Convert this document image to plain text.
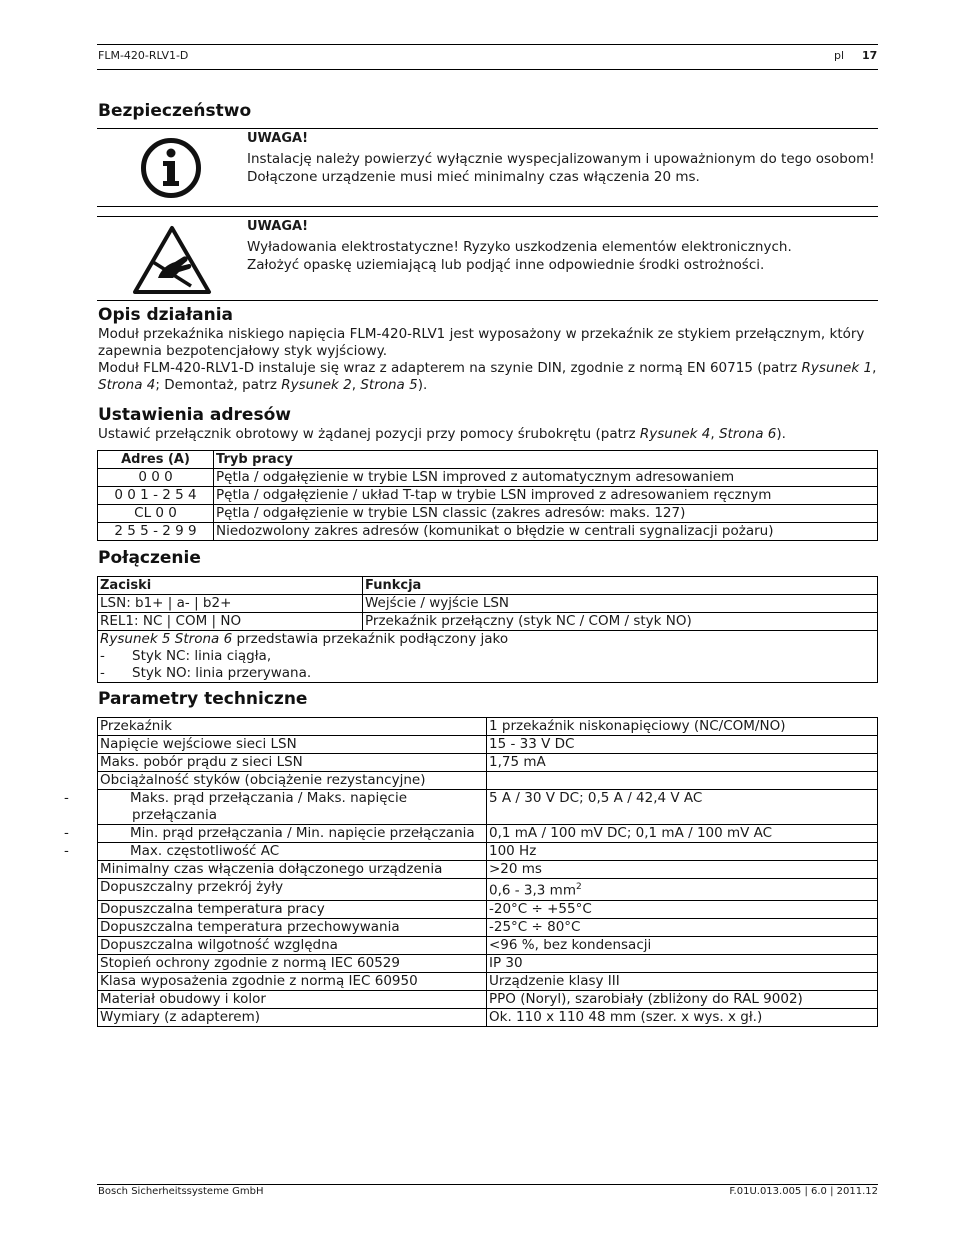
FLM-420-RLV1-D	pl 17
Bezpieczeństwo
UWAGA!
Instalację należy powierzyć wyłącznie wyspecjalizowanym i upoważnionym do tego osobom!
Dołączone urządzenie musi mieć minimalny czas włączenia 20 ms.
UWAGA!
Wyładowania elektrostatyczne! Ryzyko uszkodzenia elementów elektronicznych.
Założyć opaskę uziemiającą lub podjąć inne odpowiednie środki ostrożności.
Opis działania
Moduł przekaźnika niskiego napięcia FLM-420-RLV1 jest wyposażony w przekaźnik ze stykiem przełącznym, który zapewnia bezpotencjałowy styk wyjściowy.
Moduł FLM-420-RLV1-D instaluje się wraz z adapterem na szynie DIN, zgodnie z normą EN 60715 (patrz Rysunek 1, Strona 4; Demontaż, patrz Rysunek 2, Strona 5).
Ustawienia adresów
Ustawić przełącznik obrotowy w żądanej pozycji przy pomocy śrubokrętu (patrz Rysunek 4, Strona 6).
Adres (A)	Tryb pracy
0 0 0	Pętla / odgałęzienie w trybie LSN improved z automatycznym adresowaniem
0 0 1 - 2 5 4	Pętla / odgałęzienie / układ T-tap w trybie LSN improved z adresowaniem ręcznym
CL 0 0	Pętla / odgałęzienie w trybie LSN classic (zakres adresów: maks. 127)
2 5 5 - 2 9 9	Niedozwolony zakres adresów (komunikat o błędzie w centrali sygnalizacji pożaru)
Połączenie
Zaciski	Funkcja
LSN: b1+ | a- | b2+	Wejście / wyjście LSN
REL1: NC | COM | NO	Przekaźnik przełączny (styk NC / COM / styk NO)

Rysunek 5 Strona 6 przedstawia przekaźnik podłączony jako
- Styk NC: linia ciągła,
- Styk NO: linia przerywana.	
Parametry techniczne
Przekaźnik	1 przekaźnik niskonapięciowy (NC/COM/NO)
Napięcie wejściowe sieci LSN	15 - 33 V DC
Maks. pobór prądu z sieci LSN	1,75 mA
Obciążalność styków (obciążenie rezystancyjne)	
- Maks. prąd przełączania / Maks. napięcie przełączania	5 A / 30 V DC; 0,5 A / 42,4 V AC
- Min. prąd przełączania / Min. napięcie przełączania	0,1 mA / 100 mV DC; 0,1 mA / 100 mV AC
- Max. częstotliwość AC	100 Hz
Minimalny czas włączenia dołączonego urządzenia	>20 ms
Dopuszczalny przekrój żyły	0,6 - 3,3 $mm^2$
Dopuszczalna temperatura pracy	-20°C ÷ +55°C
Dopuszczalna temperatura przechowywania	-25°C ÷ 80°C
Dopuszczalna wilgotność względna	<96 %, bez kondensacji
Stopień ochrony zgodnie z normą IEC 60529	IP 30
Klasa wyposażenia zgodnie z normą IEC 60950	Urządzenie klasy III
Materiał obudowy i kolor	PPO (Noryl), szarobiały (zbliżony do RAL 9002)
Wymiary (z adapterem)	Ok. 110 x 110 48 mm (szer. x wys. x gł.)
Bosch Sicherheitssysteme GmbH	F.01U.013.005 | 6.0 | 2011.12
